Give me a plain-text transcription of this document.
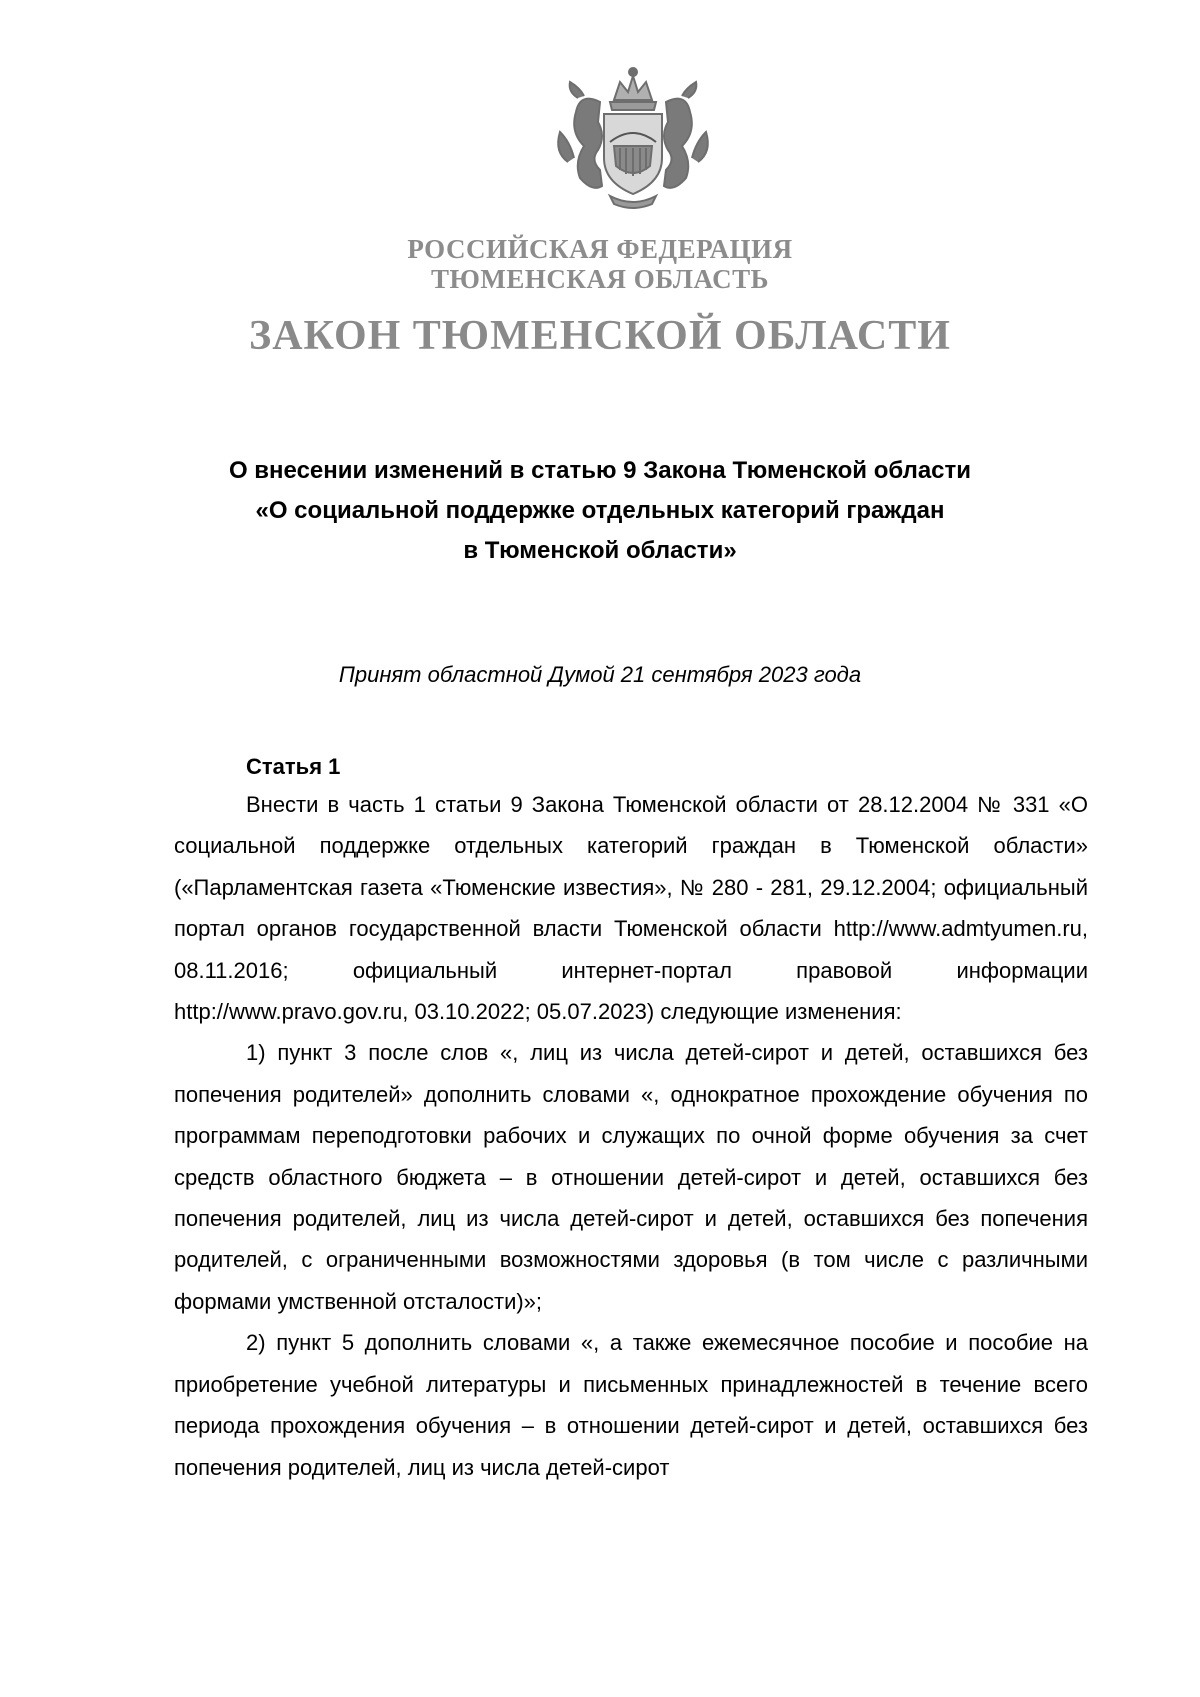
РОССИЙСКАЯ ФЕДЕРАЦИЯ
ТЮМЕНСКАЯ ОБЛАСТЬ
ЗАКОН ТЮМЕНСКОЙ ОБЛАСТИ
О внесении изменений в статью 9 Закона Тюменской области
«О социальной поддержке отдельных категорий граждан
в Тюменской области»
Принят областной Думой 21 сентября 2023 года
Статья 1

Внести в часть 1 статьи 9 Закона Тюменской области от 28.12.2004 № 331 «О социальной поддержке отдельных категорий граждан в Тюменской области» («Парламентская газета «Тюменские известия», № 280 - 281, 29.12.2004; официальный портал органов государственной власти Тюменской области http://www.admtyumen.ru, 08.11.2016; официальный интернет-портал правовой информации http://www.pravo.gov.ru, 03.10.2022; 05.07.2023) следующие изменения:

1) пункт 3 после слов «, лиц из числа детей-сирот и детей, оставшихся без попечения родителей» дополнить словами «, однократное прохождение обучения по программам переподготовки рабочих и служащих по очной форме обучения за счет средств областного бюджета – в отношении детей-сирот и детей, оставшихся без попечения родителей, лиц из числа детей-сирот и детей, оставшихся без попечения родителей, с ограниченными возможностями здоровья (в том числе с различными формами умственной отсталости)»;

2) пункт 5 дополнить словами «, а также ежемесячное пособие и пособие на приобретение учебной литературы и письменных принадлежностей в течение всего периода прохождения обучения – в отношении детей-сирот и детей, оставшихся без попечения родителей, лиц из числа детей-сирот
